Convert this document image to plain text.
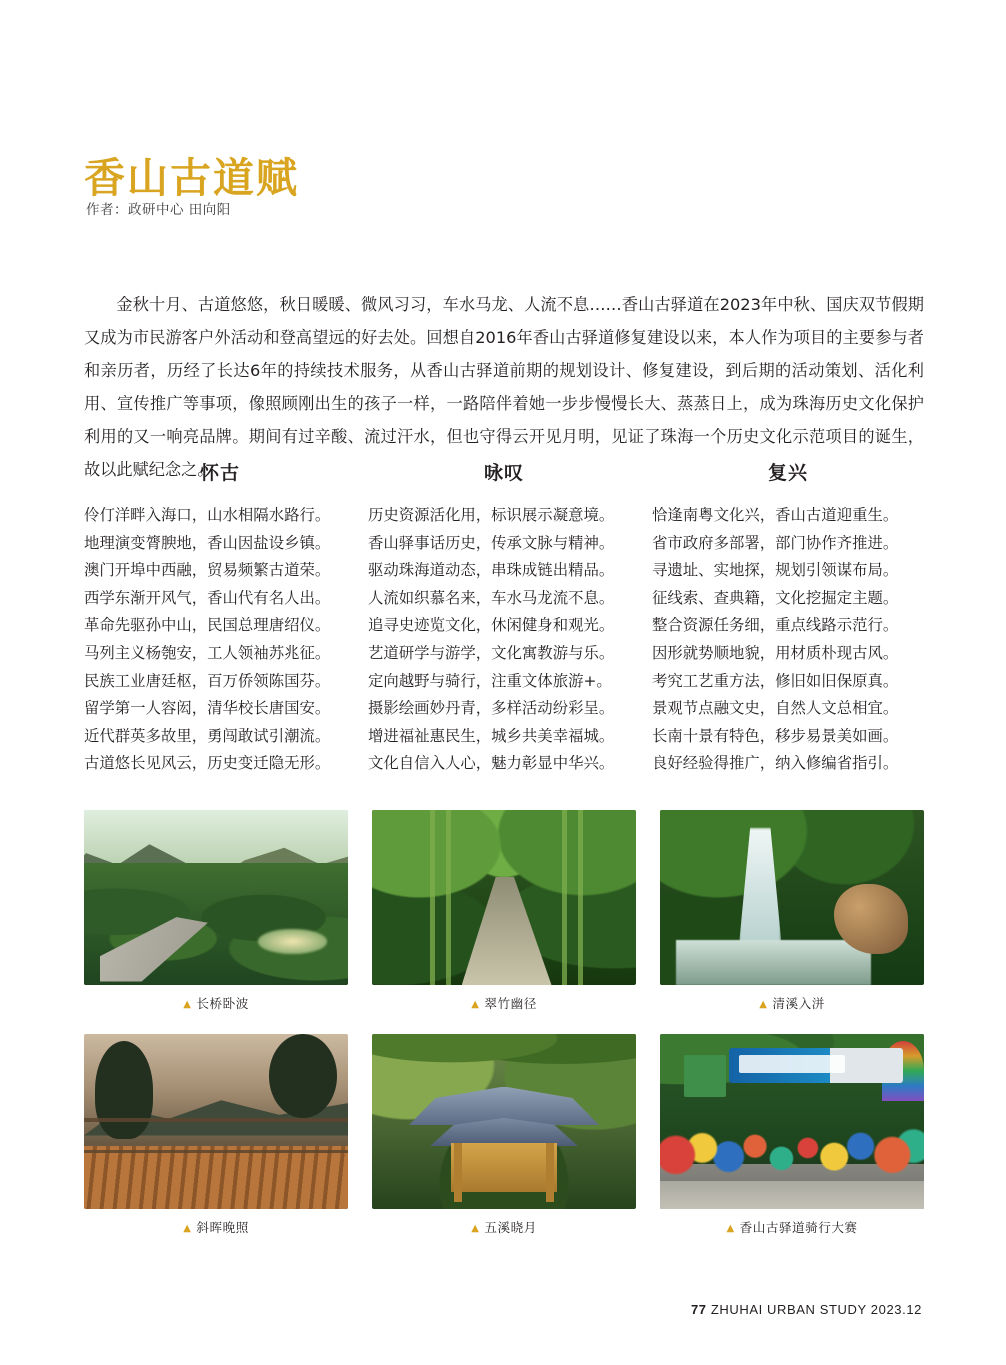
香山古道赋
作者：政研中心 田向阳

金秋十月、古道悠悠，秋日暖暖、微风习习，车水马龙、人流不息……香山古驿道在2023年中秋、国庆双节假期又成为市民游客户外活动和登高望远的好去处。回想自2016年香山古驿道修复建设以来，本人作为项目的主要参与者和亲历者，历经了长达6年的持续技术服务，从香山古驿道前期的规划设计、修复建设，到后期的活动策划、活化利用、宣传推广等事项，像照顾刚出生的孩子一样，一路陪伴着她一步步慢慢长大、蒸蒸日上，成为珠海历史文化保护利用的又一响亮品牌。期间有过辛酸、流过汗水，但也守得云开见月明，见证了珠海一个历史文化示范项目的诞生，故以此赋纪念之。

怀古
伶仃洋畔入海口，山水相隔水路行。
地理演变膂腴地，香山因盐设乡镇。
澳门开埠中西融，贸易频繁古道荣。
西学东渐开风气，香山代有名人出。
革命先驱孙中山，民国总理唐绍仪。
马列主义杨匏安，工人领袖苏兆征。
民族工业唐廷枢，百万侨领陈国芬。
留学第一人容闳，清华校长唐国安。
近代群英多故里，勇闯敢试引潮流。
古道悠长见风云，历史变迁隐无形。
咏叹
历史资源活化用，标识展示凝意境。
香山驿事话历史，传承文脉与精神。
驱动珠海道动态，串珠成链出精品。
人流如织慕名来，车水马龙流不息。
追寻史迹览文化，休闲健身和观光。
艺道研学与游学，文化寓教游与乐。
定向越野与骑行，注重文体旅游+。
摄影绘画妙丹青，多样活动纷彩呈。
增进福祉惠民生，城乡共美幸福城。
文化自信入人心，魅力彰显中华兴。
复兴
恰逢南粤文化兴，香山古道迎重生。
省市政府多部署，部门协作齐推进。
寻遗址、实地探，规划引领谋布局。
征线索、查典籍，文化挖掘定主题。
整合资源任务细，重点线路示范行。
因形就势顺地貌，用材质朴现古风。
考究工艺重方法，修旧如旧保原真。
景观节点融文史，自然人文总相宜。
长南十景有特色，移步易景美如画。
良好经验得推广，纳入修编省指引。
▲ 长桥卧波	▲ 翠竹幽径	▲ 清溪入洴
▲ 斜晖晚照	▲ 五溪晓月	▲ 香山古驿道骑行大赛
77 ZHUHAI URBAN STUDY 2023.12
